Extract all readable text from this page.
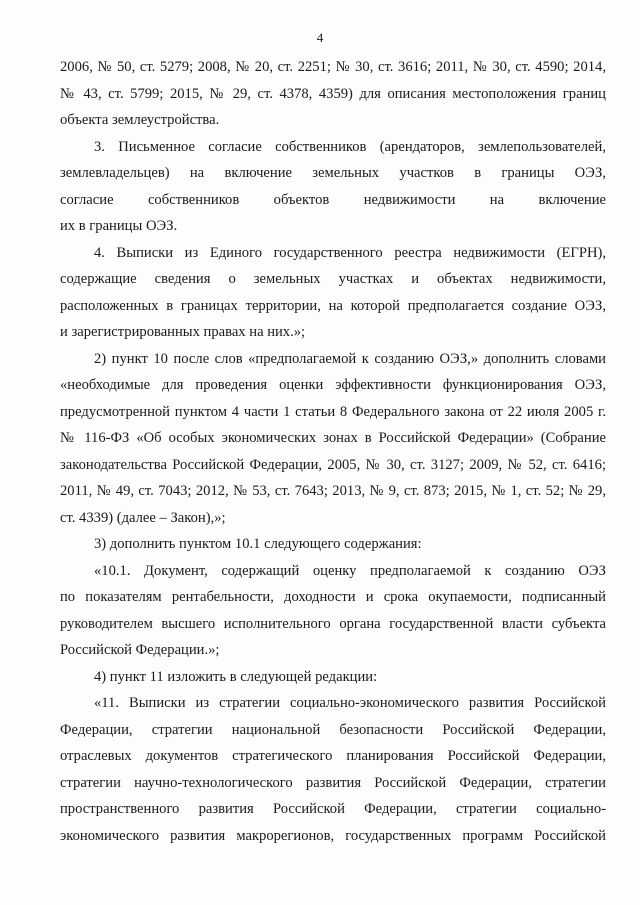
4

2006, № 50, ст. 5279; 2008, № 20, ст. 2251; № 30, ст. 3616; 2011, № 30, ст. 4590; 2014,
№ 43, ст. 5799; 2015, № 29, ст. 4378, 4359) для описания местоположения границ
объекта землеустройства.

3. Письменное согласие собственников (арендаторов, землепользователей,
землевладельцев) на включение земельных участков в границы ОЭЗ,
согласие собственников объектов недвижимости на включение
их в границы ОЭЗ.

4. Выписки из Единого государственного реестра недвижимости (ЕГРН),
содержащие сведения о земельных участках и объектах недвижимости,
расположенных в границах территории, на которой предполагается создание ОЭЗ,
и зарегистрированных правах на них.»;

2) пункт 10 после слов «предполагаемой к созданию ОЭЗ,» дополнить словами
«необходимые для проведения оценки эффективности функционирования ОЭЗ,
предусмотренной пунктом 4 части 1 статьи 8 Федерального закона от 22 июля 2005 г.
№ 116-ФЗ «Об особых экономических зонах в Российской Федерации» (Собрание
законодательства Российской Федерации, 2005, № 30, ст. 3127; 2009, № 52, ст. 6416;
2011, № 49, ст. 7043; 2012, № 53, ст. 7643; 2013, № 9, ст. 873; 2015, № 1, ст. 52; № 29,
ст. 4339) (далее – Закон),»;

3) дополнить пунктом 10.1 следующего содержания:

«10.1. Документ, содержащий оценку предполагаемой к созданию ОЭЗ
по показателям рентабельности, доходности и срока окупаемости, подписанный
руководителем высшего исполнительного органа государственной власти субъекта
Российской Федерации.»;

4) пункт 11 изложить в следующей редакции:

«11. Выписки из стратегии социально-экономического развития Российской
Федерации, стратегии национальной безопасности Российской Федерации,
отраслевых документов стратегического планирования Российской Федерации,
стратегии научно-технологического развития Российской Федерации, стратегии
пространственного развития Российской Федерации, стратегии социально-
экономического развития макрорегионов, государственных программ Российской
